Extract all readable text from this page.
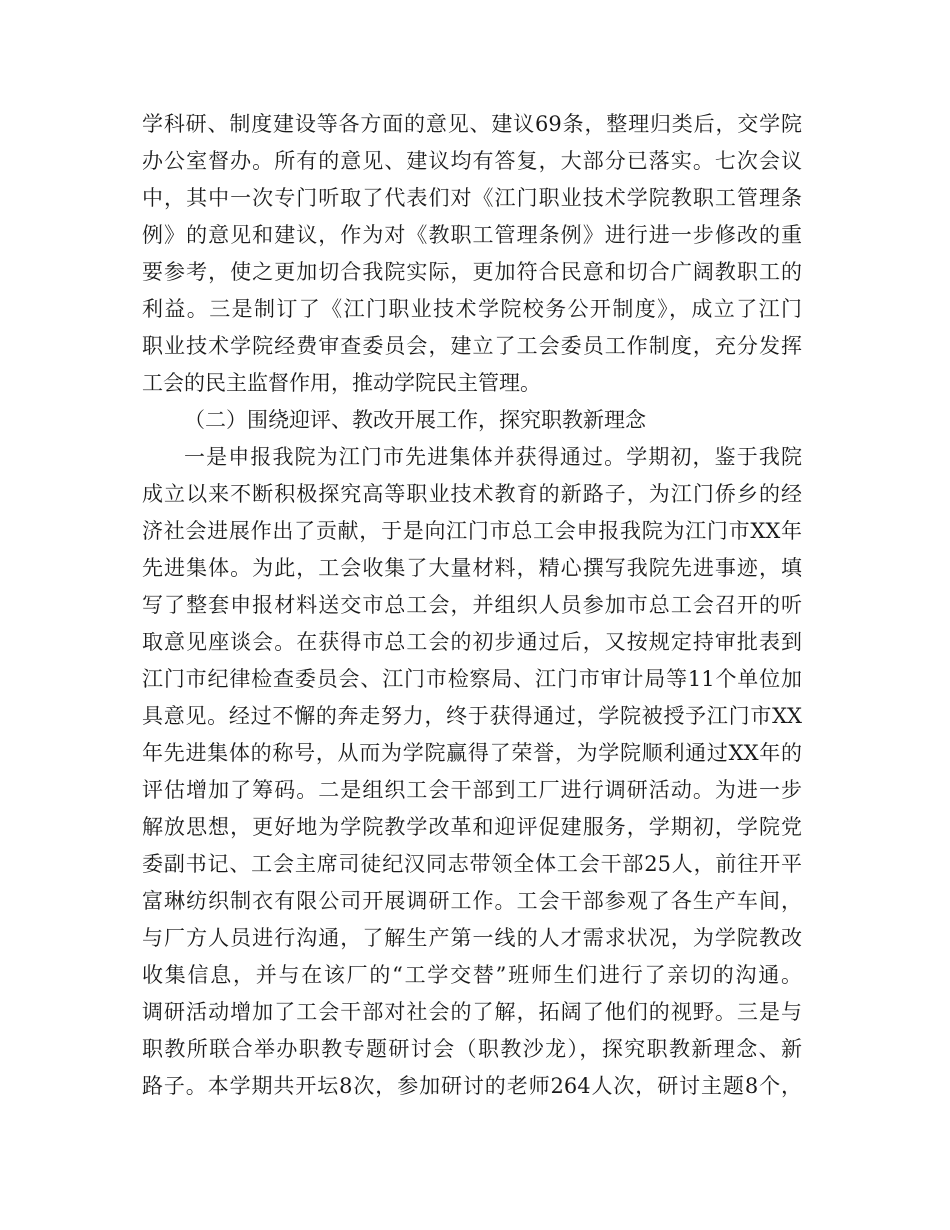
学科研、制度建设等各方面的意见、建议69条，整理归类后，交学院
办公室督办。所有的意见、建议均有答复，大部分已落实。七次会议
中，其中一次专门听取了代表们对《江门职业技术学院教职工管理条
例》的意见和建议，作为对《教职工管理条例》进行进一步修改的重
要参考，使之更加切合我院实际，更加符合民意和切合广阔教职工的
利益。三是制订了《江门职业技术学院校务公开制度》，成立了江门
职业技术学院经费审查委员会，建立了工会委员工作制度，充分发挥
工会的民主监督作用，推动学院民主管理。
（二）围绕迎评、教改开展工作，探究职教新理念
一是申报我院为江门市先进集体并获得通过。学期初，鉴于我院
成立以来不断积极探究高等职业技术教育的新路子，为江门侨乡的经
济社会进展作出了贡献，于是向江门市总工会申报我院为江门市XX年
先进集体。为此，工会收集了大量材料，精心撰写我院先进事迹，填
写了整套申报材料送交市总工会，并组织人员参加市总工会召开的听
取意见座谈会。在获得市总工会的初步通过后，又按规定持审批表到
江门市纪律检查委员会、江门市检察局、江门市审计局等11个单位加
具意见。经过不懈的奔走努力，终于获得通过，学院被授予江门市XX
年先进集体的称号，从而为学院赢得了荣誉，为学院顺利通过XX年的
评估增加了筹码。二是组织工会干部到工厂进行调研活动。为进一步
解放思想，更好地为学院教学改革和迎评促建服务，学期初，学院党
委副书记、工会主席司徒纪汉同志带领全体工会干部25人，前往开平
富琳纺织制衣有限公司开展调研工作。工会干部参观了各生产车间，
与厂方人员进行沟通，了解生产第一线的人才需求状况，为学院教改
收集信息，并与在该厂的“工学交替”班师生们进行了亲切的沟通。
调研活动增加了工会干部对社会的了解，拓阔了他们的视野。三是与
职教所联合举办职教专题研讨会（职教沙龙），探究职教新理念、新
路子。本学期共开坛8次，参加研讨的老师264人次，研讨主题8个，
